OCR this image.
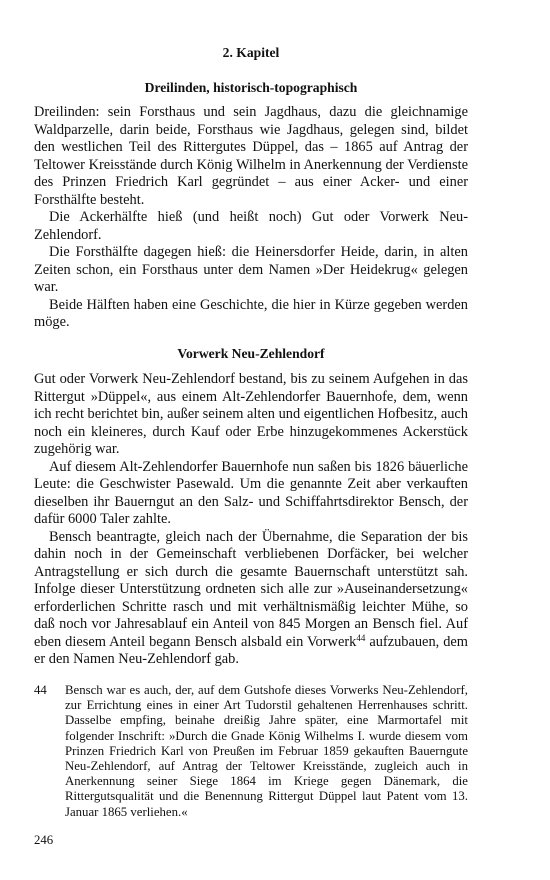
2. Kapitel
Dreilinden, historisch-topographisch

Dreilinden: sein Forsthaus und sein Jagdhaus, dazu die gleichnamige Waldparzelle, darin beide, Forsthaus wie Jagdhaus, gelegen sind, bildet den westlichen Teil des Rittergutes Düppel, das – 1865 auf Antrag der Teltower Kreisstände durch König Wilhelm in Anerkennung der Verdienste des Prinzen Friedrich Karl gegründet – aus einer Acker- und einer Forsthälfte besteht.

Die Ackerhälfte hieß (und heißt noch) Gut oder Vorwerk Neu-Zehlendorf.

Die Forsthälfte dagegen hieß: die Heinersdorfer Heide, darin, in alten Zeiten schon, ein Forsthaus unter dem Namen »Der Heidekrug« gelegen war.

Beide Hälften haben eine Geschichte, die hier in Kürze gegeben werden möge.

Vorwerk Neu-Zehlendorf

Gut oder Vorwerk Neu-Zehlendorf bestand, bis zu seinem Aufgehen in das Rittergut »Düppel«, aus einem Alt-Zehlendorfer Bauernhofe, dem, wenn ich recht berichtet bin, außer seinem alten und eigentlichen Hofbesitz, auch noch ein kleineres, durch Kauf oder Erbe hinzugekommenes Ackerstück zugehörig war.

Auf diesem Alt-Zehlendorfer Bauernhofe nun saßen bis 1826 bäuerliche Leute: die Geschwister Pasewald. Um die genannte Zeit aber verkauften dieselben ihr Bauerngut an den Salz- und Schiffahrtsdirektor Bensch, der dafür 6000 Taler zahlte.

Bensch beantragte, gleich nach der Übernahme, die Separation der bis dahin noch in der Gemeinschaft verbliebenen Dorfäcker, bei welcher Antragstellung er sich durch die gesamte Bauernschaft unterstützt sah. Infolge dieser Unterstützung ordneten sich alle zur »Auseinandersetzung« erforderlichen Schritte rasch und mit verhältnismäßig leichter Mühe, so daß noch vor Jahresablauf ein Anteil von 845 Morgen an Bensch fiel. Auf eben diesem Anteil begann Bensch alsbald ein Vorwerk$^{44}$ aufzubauen, dem er den Namen Neu-Zehlendorf gab.

44	Bensch war es auch, der, auf dem Gutshofe dieses Vorwerks Neu-Zehlendorf, zur Errichtung eines in einer Art Tudorstil gehaltenen Herrenhauses schritt. Dasselbe empfing, beinahe dreißig Jahre später, eine Marmortafel mit folgender Inschrift: »Durch die Gnade König Wilhelms I. wurde diesem vom Prinzen Friedrich Karl von Preußen im Februar 1859 gekauften Bauerngute Neu-Zehlendorf, auf Antrag der Teltower Kreisstände, zugleich auch in Anerkennung seiner Siege 1864 im Kriege gegen Dänemark, die Rittergutsqualität und die Benennung Rittergut Düppel laut Patent vom 13. Januar 1865 verliehen.«
246
